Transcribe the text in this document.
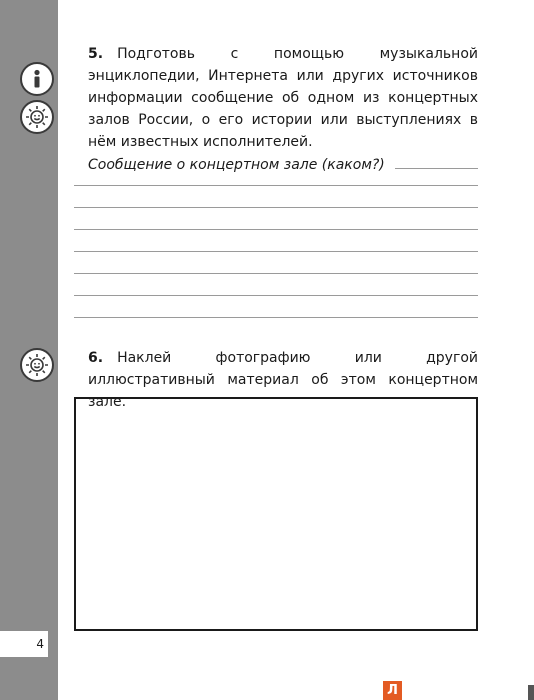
4
5. Подготовь с помощью музыкальной энциклопедии, Интернета или других источников информации сообщение об одном из концертных залов России, о его истории или выступлениях в нём известных исполнителей.
Сообщение о концертном зале (каком?)
6. Наклей фотографию или другой иллюстративный материал об этом концертном зале.
Л
